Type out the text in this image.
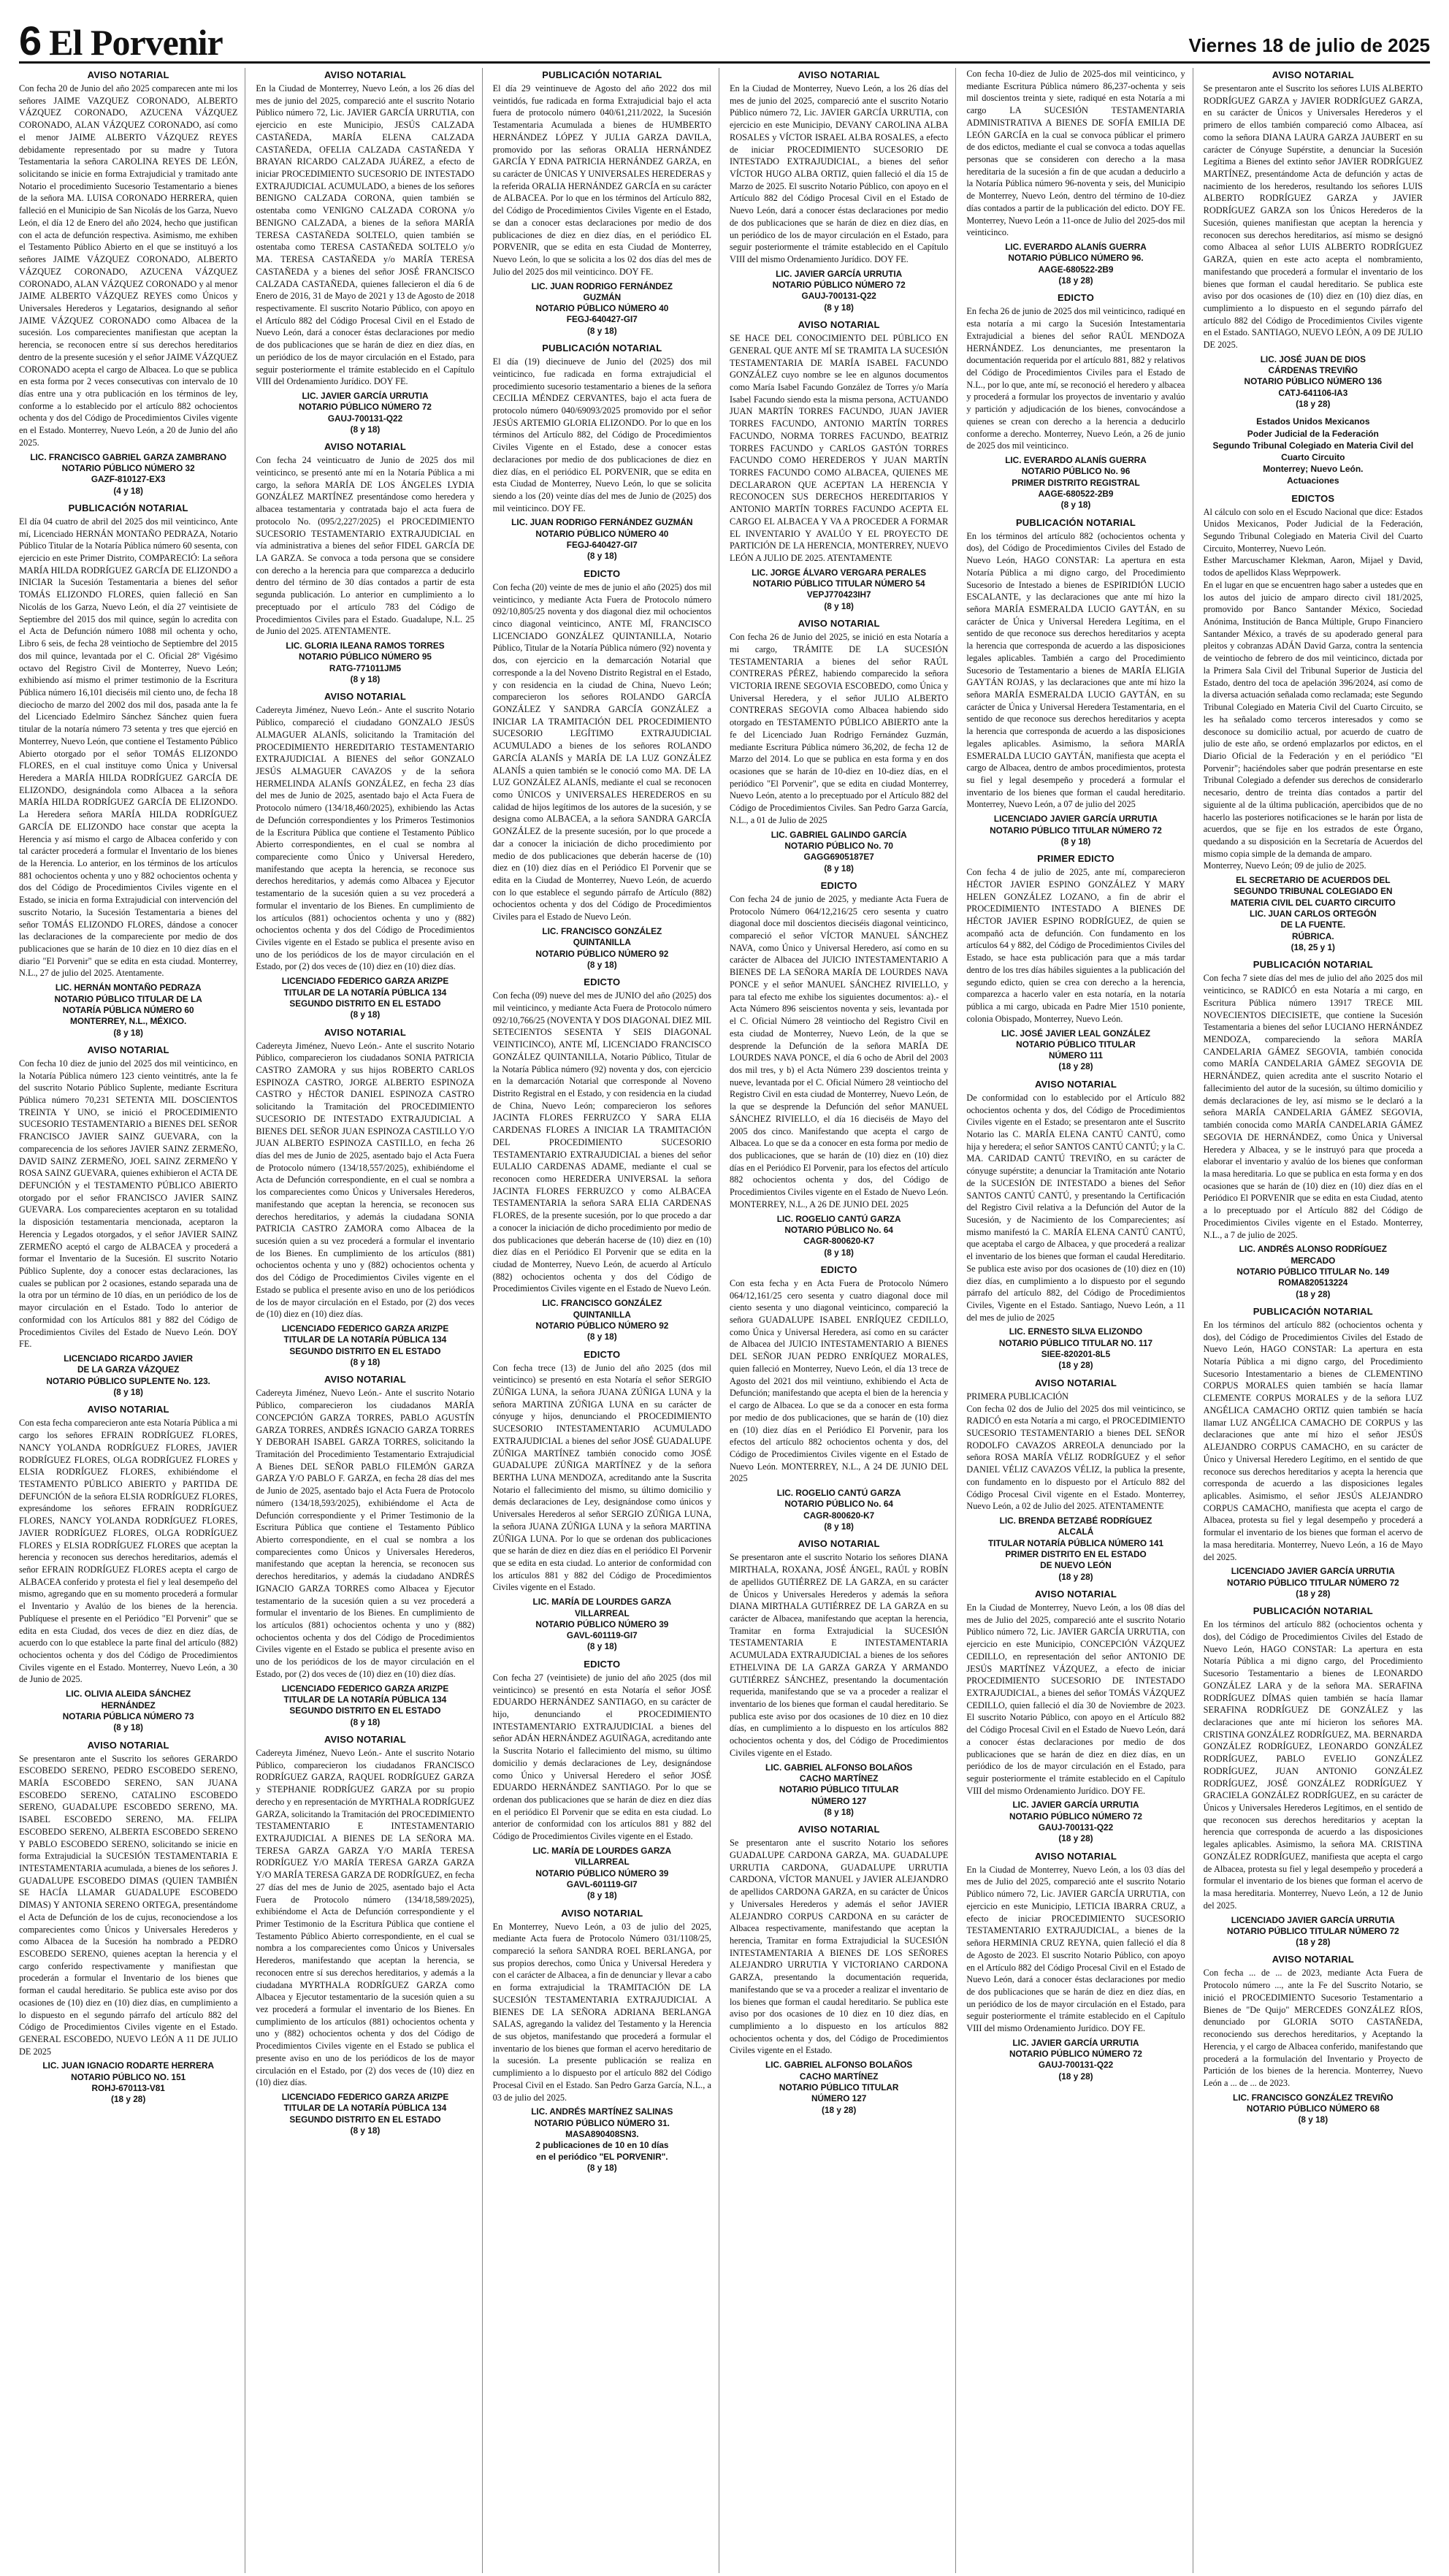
6 El Porvenir	Viernes 18 de julio de 2025
AVISO NOTARIAL

Con fecha 20 de Junio del año 2025 comparecen ante mi los señores JAIME VAZQUEZ CORONADO, ALBERTO VÁZQUEZ CORONADO, AZUCENA VÁZQUEZ CORONADO, ALAN VÁZQUEZ CORONADO, así como el menor JAIME ALBERTO VÁZQUEZ REYES debidamente representado por su madre y Tutora Testamentaria la señora CAROLINA REYES DE LEÓN, solicitando se inicie en forma Extrajudicial y tramitado ante Notario el procedimiento Sucesorio Testamentario a bienes de la señora MA. LUISA CORONADO HERRERA, quien falleció en el Municipio de San Nicolás de los Garza, Nuevo León, el día 12 de Enero del año 2024, hecho que justifican con el acta de defunción respectiva. Asimismo, me exhiben el Testamento Público Abierto en el que se instituyó a los señores JAIME VÁZQUEZ CORONADO, ALBERTO VÁZQUEZ CORONADO, AZUCENA VÁZQUEZ CORONADO, ALAN VÁZQUEZ CORONADO y al menor JAIME ALBERTO VÁZQUEZ REYES como Únicos y Universales Herederos y Legatarios, designando al señor JAIME VÁZQUEZ CORONADO como Albacea de la sucesión. Los comparecientes manifiestan que aceptan la herencia, se reconocen entre sí sus derechos hereditarios dentro de la presente sucesión y el señor JAIME VÁZQUEZ CORONADO acepta el cargo de Albacea. Lo que se publica en esta forma por 2 veces consecutivas con intervalo de 10 días entre una y otra publicación en los términos de ley, conforme a lo establecido por el artículo 882 ochocientos ochenta y dos del Código de Procedimientos Civiles vigente en el Estado. Monterrey, Nuevo León, a 20 de Junio del año 2025.

LIC. FRANCISCO GABRIEL GARZA ZAMBRANO
NOTARIO PÚBLICO NÚMERO 32
GAZF-810127-EX3
(4 y 18)
PUBLICACIÓN NOTARIAL

El día 04 cuatro de abril del 2025 dos mil veinticinco, Ante mí, Licenciado HERNÁN MONTAÑO PEDRAZA, Notario Público Titular de la Notaría Pública número 60 sesenta, con ejercicio en este Primer Distrito, COMPARECIÓ: La señora MARÍA HILDA RODRÍGUEZ GARCÍA DE ELIZONDO a INICIAR la Sucesión Testamentaria a bienes del señor TOMÁS ELIZONDO FLORES, quien falleció en San Nicolás de los Garza, Nuevo León, el día 27 veintisiete de Septiembre del 2015 dos mil quince, según lo acredita con el Acta de Defunción número 1088 mil ochenta y ocho, Libro 6 seis, de fecha 28 veintiocho de Septiembre del 2015 dos mil quince, levantada por el C. Oficial 28º Vigésimo octavo del Registro Civil de Monterrey, Nuevo León; exhibiendo así mismo el primer testimonio de la Escritura Pública número 16,101 dieciséis mil ciento uno, de fecha 18 dieciocho de marzo del 2002 dos mil dos, pasada ante la fe del Licenciado Edelmiro Sánchez Sánchez quien fuera titular de la notaría número 73 setenta y tres que ejerció en Monterrey, Nuevo León, que contiene el Testamento Público Abierto otorgado por el señor TOMÁS ELIZONDO FLORES, en el cual instituye como Única y Universal Heredera a MARÍA HILDA RODRÍGUEZ GARCÍA DE ELIZONDO, designándola como Albacea a la señora MARÍA HILDA RODRÍGUEZ GARCÍA DE ELIZONDO. La Heredera señora MARÍA HILDA RODRÍGUEZ GARCÍA DE ELIZONDO hace constar que acepta la Herencia y así mismo el cargo de Albacea conferido y con tal carácter procederá a formular el Inventario de los bienes de la Herencia. Lo anterior, en los términos de los artículos 881 ochocientos ochenta y uno y 882 ochocientos ochenta y dos del Código de Procedimientos Civiles vigente en el Estado, se inicia en forma Extrajudicial con intervención del suscrito Notario, la Sucesión Testamentaria a bienes del señor TOMÁS ELIZONDO FLORES, dándose a conocer las declaraciones de la compareciente por medio de dos publicaciones que se harán de 10 diez en 10 diez días en el diario "El Porvenir" que se edita en esta ciudad. Monterrey, N.L., 27 de julio del 2025. Atentamente.

LIC. HERNÁN MONTAÑO PEDRAZA
NOTARIO PÚBLICO TITULAR DE LA
NOTARÍA PÚBLICA NÚMERO 60
MONTERREY, N.L., MÉXICO.
(8 y 18)
AVISO NOTARIAL

Con fecha 10 diez de junio del 2025 dos mil veinticinco, en la Notaría Pública número 123 ciento veintitrés, ante la fe del suscrito Notario Público Suplente, mediante Escritura Pública número 70,231 SETENTA MIL DOSCIENTOS TREINTA Y UNO, se inició el PROCEDIMIENTO SUCESORIO TESTAMENTARIO a BIENES DEL SEÑOR FRANCISCO JAVIER SAINZ GUEVARA, con la comparecencia de los señores JAVIER SAINZ ZERMEÑO, DAVID SAINZ ZERMEÑO, JOEL SAINZ ZERMEÑO Y ROSA SAINZ GUEVARA, quienes exhibieron el ACTA DE DEFUNCIÓN y el TESTAMENTO PÚBLICO ABIERTO otorgado por el señor FRANCISCO JAVIER SAINZ GUEVARA. Los comparecientes aceptaron en su totalidad la disposición testamentaria mencionada, aceptaron la Herencia y Legados otorgados, y el señor JAVIER SAINZ ZERMEÑO aceptó el cargo de ALBACEA y procederá a formar el Inventario de la Sucesión. El suscrito Notario Público Suplente, doy a conocer estas declaraciones, las cuales se publican por 2 ocasiones, estando separada una de la otra por un término de 10 días, en un periódico de los de mayor circulación en el Estado. Todo lo anterior de conformidad con los Artículos 881 y 882 del Código de Procedimientos Civiles del Estado de Nuevo León. DOY FE.

LICENCIADO RICARDO JAVIER
DE LA GARZA VÁZQUEZ
NOTARIO PÚBLICO SUPLENTE No. 123.
(8 y 18)
AVISO NOTARIAL

Con esta fecha comparecieron ante esta Notaría Pública a mi cargo los señores EFRAIN RODRÍGUEZ FLORES, NANCY YOLANDA RODRÍGUEZ FLORES, JAVIER RODRÍGUEZ FLORES, OLGA RODRÍGUEZ FLORES y ELSIA RODRÍGUEZ FLORES, exhibiéndome el TESTAMENTO PÚBLICO ABIERTO y PARTIDA DE DEFUNCIÓN de la señora ELSIA RODRÍGUEZ FLORES, expresándome los señores EFRAIN RODRÍGUEZ FLORES, NANCY YOLANDA RODRÍGUEZ FLORES, JAVIER RODRÍGUEZ FLORES, OLGA RODRÍGUEZ FLORES y ELSIA RODRÍGUEZ FLORES que aceptan la herencia y reconocen sus derechos hereditarios, además el señor EFRAIN RODRÍGUEZ FLORES acepta el cargo de ALBACEA conferido y protesta el fiel y leal desempeño del mismo, agregando que en su momento procederá a formular el Inventario y Avalúo de los bienes de la herencia. Publíquese el presente en el Periódico "El Porvenir" que se edita en esta Ciudad, dos veces de diez en diez días, de acuerdo con lo que establece la parte final del artículo (882) ochocientos ochenta y dos del Código de Procedimientos Civiles vigente en el Estado. Monterrey, Nuevo León, a 30 de Junio de 2025.

LIC. OLIVIA ALEIDA SÁNCHEZ
HERNÁNDEZ
NOTARIA PÚBLICA NÚMERO 73
(8 y 18)
AVISO NOTARIAL

Se presentaron ante el Suscrito los señores GERARDO ESCOBEDO SERENO, PEDRO ESCOBEDO SERENO, MARÍA ESCOBEDO SERENO, SAN JUANA ESCOBEDO SERENO, CATALINO ESCOBEDO SERENO, GUADALUPE ESCOBEDO SERENO, MA. ISABEL ESCOBEDO SERENO, MA. FELIPA ESCOBEDO SERENO, ALBERTA ESCOBEDO SERENO Y PABLO ESCOBEDO SERENO, solicitando se inicie en forma Extrajudicial la SUCESIÓN TESTAMENTARIA E INTESTAMENTARIA acumulada, a bienes de los señores J. GUADALUPE ESCOBEDO DIMAS (QUIEN TAMBIÉN SE HACÍA LLAMAR GUADALUPE ESCOBEDO DIMAS) Y ANTONIA SERENO ORTEGA, presentándome el Acta de Defunción de los de cujus, reconociendose a los comparecientes como Únicos y Universales Herederos y como Albacea de la Sucesión ha nombrado a PEDRO ESCOBEDO SERENO, quienes aceptan la herencia y el cargo conferido respectivamente y manifiestan que procederán a formular el Inventario de los bienes que forman el caudal hereditario. Se publica este aviso por dos ocasiones de (10) diez en (10) diez días, en cumplimiento a lo dispuesto en el segundo párrafo del artículo 882 del Código de Procedimientos Civiles vigente en el Estado. GENERAL ESCOBEDO, NUEVO LEÓN A 11 DE JULIO DE 2025

LIC. JUAN IGNACIO RODARTE HERRERA
NOTARIO PÚBLICO NO. 151
ROHJ-670113-V81
(18 y 28)
AVISO NOTARIAL

En la Ciudad de Monterrey, Nuevo León, a los 26 días del mes de junio del 2025, compareció ante el suscrito Notario Público número 72, Lic. JAVIER GARCÍA URRUTIA, con ejercicio en este Municipio, JESÚS CALZADA CASTAÑEDA, MARÍA ELENA CALZADA CASTAÑEDA, OFELIA CALZADA CASTAÑEDA Y BRAYAN RICARDO CALZADA JUÁREZ, a efecto de iniciar PROCEDIMIENTO SUCESORIO DE INTESTADO EXTRAJUDICIAL ACUMULADO, a bienes de los señores BENIGNO CALZADA CORONA, quien también se ostentaba como VENIGNO CALZADA CORONA y/o BENIGNO CALZADA, a bienes de la señora MARÍA TERESA CASTAÑEDA SOLTELO, quien también se ostentaba como TERESA CASTAÑEDA SOLTELO y/o MA. TERESA CASTAÑEDA y/o MARÍA TERESA CASTAÑEDA y a bienes del señor JOSÉ FRANCISCO CALZADA CASTAÑEDA, quienes fallecieron el día 6 de Enero de 2016, 31 de Mayo de 2021 y 13 de Agosto de 2018 respectivamente. El suscrito Notario Público, con apoyo en el Artículo 882 del Código Procesal Civil en el Estado de Nuevo León, dará a conocer éstas declaraciones por medio de dos publicaciones que se harán de diez en diez días, en un periódico de los de mayor circulación en el Estado, para seguir posteriormente el trámite establecido en el Capítulo VIII del Ordenamiento Jurídico. DOY FE.

LIC. JAVIER GARCÍA URRUTIA
NOTARIO PÚBLICO NÚMERO 72
GAUJ-700131-Q22
(8 y 18)
AVISO NOTARIAL

Con fecha 24 veinticuatro de Junio de 2025 dos mil veinticinco, se presentó ante mí en la Notaría Pública a mi cargo, la señora MARÍA DE LOS ÁNGELES LYDIA GONZÁLEZ MARTÍNEZ presentándose como heredera y albacea testamentaria y contratada bajo el acta fuera de protocolo No. (095/2,227/2025) el PROCEDIMIENTO SUCESORIO TESTAMENTARIO EXTRAJUDICIAL en vía administrativa a bienes del señor FIDEL GARCÍA DE LA GARZA. Se convoca a toda persona que se considere con derecho a la herencia para que comparezca a deducirlo dentro del término de 30 días contados a partir de esta segunda publicación. Lo anterior en cumplimiento a lo preceptuado por el artículo 783 del Código de Procedimientos Civiles para el Estado. Guadalupe, N.L. 25 de Junio del 2025. ATENTAMENTE.

LIC. GLORIA ILEANA RAMOS TORRES
NOTARIO PÚBLICO NÚMERO 95
RATG-771011JM5
(8 y 18)
AVISO NOTARIAL

Cadereyta Jiménez, Nuevo León.- Ante el suscrito Notario Público, compareció el ciudadano GONZALO JESÚS ALMAGUER ALANÍS, solicitando la Tramitación del PROCEDIMIENTO HEREDITARIO TESTAMENTARIO EXTRAJUDICIAL A BIENES del señor GONZALO JESÚS ALMAGUER CAVAZOS y de la señora HERMELINDA ALANÍS GONZÁLEZ, en fecha 23 días del mes de Junio de 2025, asentado bajo el Acta Fuera de Protocolo número (134/18,460/2025), exhibiendo las Actas de Defunción correspondientes y los Primeros Testimonios de la Escritura Pública que contiene el Testamento Público Abierto correspondientes, en el cual se nombra al compareciente como Único y Universal Heredero, manifestando que acepta la herencia, se reconoce sus derechos hereditarios, y además como Albacea y Ejecutor testamentario de la sucesión quien a su vez procederá a formular el inventario de los Bienes. En cumplimiento de los artículos (881) ochocientos ochenta y uno y (882) ochocientos ochenta y dos del Código de Procedimientos Civiles vigente en el Estado se publica el presente aviso en uno de los periódicos de los de mayor circulación en el Estado, por (2) dos veces de (10) diez en (10) diez días.

LICENCIADO FEDERICO GARZA ARIZPE
TITULAR DE LA NOTARÍA PÚBLICA 134
SEGUNDO DISTRITO EN EL ESTADO
(8 y 18)
AVISO NOTARIAL

Cadereyta Jiménez, Nuevo León.- Ante el suscrito Notario Público, comparecieron los ciudadanos SONIA PATRICIA CASTRO ZAMORA y sus hijos ROBERTO CARLOS ESPINOZA CASTRO, JORGE ALBERTO ESPINOZA CASTRO y HÉCTOR DANIEL ESPINOZA CASTRO solicitando la Tramitación del PROCEDIMIENTO SUCESORIO DE INTESTADO EXTRAJUDICIAL A BIENES DEL SEÑOR JUAN ESPINOZA CASTILLO Y/O JUAN ALBERTO ESPINOZA CASTILLO, en fecha 26 días del mes de Junio de 2025, asentado bajo el Acta Fuera de Protocolo número (134/18,557/2025), exhibiéndome el Acta de Defunción correspondiente, en el cual se nombra a los comparecientes como Únicos y Universales Herederos, manifestando que aceptan la herencia, se reconocen sus derechos hereditarios, y además la ciudadana SONIA PATRICIA CASTRO ZAMORA como Albacea de la sucesión quien a su vez procederá a formular el inventario de los Bienes. En cumplimiento de los artículos (881) ochocientos ochenta y uno y (882) ochocientos ochenta y dos del Código de Procedimientos Civiles vigente en el Estado se publica el presente aviso en uno de los periódicos de los de mayor circulación en el Estado, por (2) dos veces de (10) diez en (10) diez días.

LICENCIADO FEDERICO GARZA ARIZPE
TITULAR DE LA NOTARÍA PÚBLICA 134
SEGUNDO DISTRITO EN EL ESTADO
(8 y 18)
AVISO NOTARIAL

Cadereyta Jiménez, Nuevo León.- Ante el suscrito Notario Público, comparecieron los ciudadanos MARÍA CONCEPCIÓN GARZA TORRES, PABLO AGUSTÍN GARZA TORRES, ANDRÉS IGNACIO GARZA TORRES Y DEBORAH ISABEL GARZA TORRES, solicitando la Tramitación del Procedimiento Testamentario Extrajudicial A Bienes DEL SEÑOR PABLO FILEMÓN GARZA GARZA Y/O PABLO F. GARZA, en fecha 28 días del mes de Junio de 2025, asentado bajo el Acta Fuera de Protocolo número (134/18,593/2025), exhibiéndome el Acta de Defunción correspondiente y el Primer Testimonio de la Escritura Pública que contiene el Testamento Público Abierto correspondiente, en el cual se nombra a los comparecientes como Únicos y Universales Herederos, manifestando que aceptan la herencia, se reconocen sus derechos hereditarios, y además la ciudadano ANDRÉS IGNACIO GARZA TORRES como Albacea y Ejecutor testamentario de la sucesión quien a su vez procederá a formular el inventario de los Bienes. En cumplimiento de los artículos (881) ochocientos ochenta y uno y (882) ochocientos ochenta y dos del Código de Procedimientos Civiles vigente en el Estado se publica el presente aviso en uno de los periódicos de los de mayor circulación en el Estado, por (2) dos veces de (10) diez en (10) diez días.

LICENCIADO FEDERICO GARZA ARIZPE
TITULAR DE LA NOTARÍA PÚBLICA 134
SEGUNDO DISTRITO EN EL ESTADO
(8 y 18)
AVISO NOTARIAL

Cadereyta Jiménez, Nuevo León.- Ante el suscrito Notario Público, comparecieron los ciudadanos FRANCISCO RODRÍGUEZ GARZA, RAQUEL RODRÍGUEZ GARZA y STEPHANIE RODRÍGUEZ GARZA por su propio derecho y en representación de MYRTHALA RODRÍGUEZ GARZA, solicitando la Tramitación del PROCEDIMIENTO TESTAMENTARIO E INTESTAMENTARIO EXTRAJUDICIAL A BIENES DE LA SEÑORA MA. TERESA GARZA GARZA Y/O MARÍA TERESA RODRÍGUEZ Y/O MARÍA TERESA GARZA GARZA Y/O MARÍA TERESA GARZA DE RODRÍGUEZ, en fecha 27 días del mes de Junio de 2025, asentado bajo el Acta Fuera de Protocolo número (134/18,589/2025), exhibiéndome el Acta de Defunción correspondiente y el Primer Testimonio de la Escritura Pública que contiene el Testamento Público Abierto correspondiente, en el cual se nombra a los comparecientes como Únicos y Universales Herederos, manifestando que aceptan la herencia, se reconocen entre sí sus derechos hereditarios, y además a la ciudadana MYRTHALA RODRÍGUEZ GARZA como Albacea y Ejecutor testamentario de la sucesión quien a su vez procederá a formular el inventario de los Bienes. En cumplimiento de los artículos (881) ochocientos ochenta y uno y (882) ochocientos ochenta y dos del Código de Procedimientos Civiles vigente en el Estado se publica el presente aviso en uno de los periódicos de los de mayor circulación en el Estado, por (2) dos veces de (10) diez en (10) diez días.

LICENCIADO FEDERICO GARZA ARIZPE
TITULAR DE LA NOTARÍA PÚBLICA 134
SEGUNDO DISTRITO EN EL ESTADO
(8 y 18)
PUBLICACIÓN NOTARIAL

El día 29 veintinueve de Agosto del año 2022 dos mil veintidós, fue radicada en forma Extrajudicial bajo el acta fuera de protocolo número 040/61,211/2022, la Sucesión Testamentaria Acumulada a bienes de HUMBERTO HERNÁNDEZ LÓPEZ Y JULIA GARZA DAVILA, promovido por las señoras ORALIA HERNÁNDEZ GARCÍA Y EDNA PATRICIA HERNÁNDEZ GARZA, en su carácter de ÚNICAS Y UNIVERSALES HEREDERAS y la referida ORALIA HERNÁNDEZ GARCÍA en su carácter de ALBACEA. Por lo que en los términos del Artículo 882, del Código de Procedimientos Civiles Vigente en el Estado, se dan a conocer estas declaraciones por medio de dos publicaciones de diez en diez días, en el periódico EL PORVENIR, que se edita en esta Ciudad de Monterrey, Nuevo León, lo que se solicita a los 02 dos días del mes de Julio del 2025 dos mil veinticinco. DOY FE.

LIC. JUAN RODRIGO FERNÁNDEZ
GUZMÁN
NOTARIO PÚBLICO NÚMERO 40
FEGJ-640427-GI7
(8 y 18)
PUBLICACIÓN NOTARIAL

El día (19) diecinueve de Junio del (2025) dos mil veinticinco, fue radicada en forma extrajudicial el procedimiento sucesorio testamentario a bienes de la señora CECILIA MÉNDEZ CERVANTES, bajo el acta fuera de protocolo número 040/69093/2025 promovido por el señor JESÚS ARTEMIO GLORIA ELIZONDO. Por lo que en los términos del Artículo 882, del Código de Procedimientos Civiles Vigente en el Estado, dese a conocer estas declaraciones por medio de dos publicaciones de diez en diez días, en el periódico EL PORVENIR, que se edita en esta Ciudad de Monterrey, Nuevo León, lo que se solicita siendo a los (20) veinte días del mes de Junio de (2025) dos mil veinticinco. DOY FE.

LIC. JUAN RODRIGO FERNÁNDEZ GUZMÁN
NOTARIO PÚBLICO NÚMERO 40
FEGJ-640427-GI7
(8 y 18)
EDICTO

Con fecha (20) veinte de mes de junio el año (2025) dos mil veinticinco, y mediante Acta Fuera de Protocolo número 092/10,805/25 noventa y dos diagonal diez mil ochocientos cinco diagonal veinticinco, ANTE MÍ, FRANCISCO LICENCIADO GONZÁLEZ QUINTANILLA, Notario Público, Titular de la Notaría Pública número (92) noventa y dos, con ejercicio en la demarcación Notarial que corresponde a la del Noveno Distrito Registral en el Estado, y con residencia en la ciudad de China, Nuevo León; comparecieron los señores ROLANDO GARCÍA GONZÁLEZ Y SANDRA GARCÍA GONZÁLEZ a INICIAR LA TRAMITACIÓN DEL PROCEDIMIENTO SUCESORIO LEGÍTIMO EXTRAJUDICIAL ACUMULADO a bienes de los señores ROLANDO GARCÍA ALANÍS y MARÍA DE LA LUZ GONZÁLEZ ALANÍS a quien también se le conoció como MA. DE LA LUZ GONZÁLEZ ALANÍS, mediante el cual se reconocen como ÚNICOS y UNIVERSALES HEREDEROS en su calidad de hijos legítimos de los autores de la sucesión, y se designa como ALBACEA, a la señora SANDRA GARCÍA GONZÁLEZ de la presente sucesión, por lo que procede a dar a conocer la iniciación de dicho procedimiento por medio de dos publicaciones que deberán hacerse de (10) diez en (10) diez días en el Periódico El Porvenir que se edita en la Ciudad de Monterrey, Nuevo León, de acuerdo con lo que establece el segundo párrafo de Artículo (882) ochocientos ochenta y dos del Código de Procedimientos Civiles para el Estado de Nuevo León.

LIC. FRANCISCO GONZÁLEZ
QUINTANILLA
NOTARIO PÚBLICO NÚMERO 92
(8 y 18)
EDICTO

Con fecha (09) nueve del mes de JUNIO del año (2025) dos mil veinticinco, y mediante Acta Fuera de Protocolo número 092/10,766/25 (NOVENTA Y DOS DIAGONAL DIEZ MIL SETECIENTOS SESENTA Y SEIS DIAGONAL VEINTICINCO), ANTE MÍ, LICENCIADO FRANCISCO GONZÁLEZ QUINTANILLA, Notario Público, Titular de la Notaría Pública número (92) noventa y dos, con ejercicio en la demarcación Notarial que corresponde al Noveno Distrito Registral en el Estado, y con residencia en la ciudad de China, Nuevo León; comparecieron los señores JACINTA FLORES FERRUZCO Y SARA ELIA CARDENAS FLORES A INICIAR LA TRAMITACIÓN DEL PROCEDIMIENTO SUCESORIO TESTAMENTARIO EXTRAJUDICIAL a bienes del señor EULALIO CARDENAS ADAME, mediante el cual se reconocen como HEREDERA UNIVERSAL la señora JACINTA FLORES FERRUZCO y como ALBACEA TESTAMENTARIA la señora SARA ELIA CARDENAS FLORES, de la presente sucesión, por lo que procedo a dar a conocer la iniciación de dicho procedimiento por medio de dos publicaciones que deberán hacerse de (10) diez en (10) diez días en el Periódico El Porvenir que se edita en la ciudad de Monterrey, Nuevo León, de acuerdo al Artículo (882) ochocientos ochenta y dos del Código de Procedimientos Civiles vigente en el Estado de Nuevo León.

LIC. FRANCISCO GONZÁLEZ
QUINTANILLA
NOTARIO PÚBLICO NÚMERO 92
(8 y 18)
EDICTO

Con fecha trece (13) de Junio del año 2025 (dos mil veinticinco) se presentó en esta Notaría el señor SERGIO ZÚÑIGA LUNA, la señora JUANA ZÚÑIGA LUNA y la señora MARTINA ZÚÑIGA LUNA en su carácter de cónyuge y hijos, denunciando el PROCEDIMIENTO SUCESORIO INTESTAMENTARIO ACUMULADO EXTRAJUDICIAL a bienes del señor JOSÉ GUADALUPE ZÚÑIGA MARTÍNEZ también conocido como JOSÉ GUADALUPE ZÚÑIGA MARTÍNEZ y de la señora BERTHA LUNA MENDOZA, acreditando ante la Suscrita Notario el fallecimiento del mismo, su último domicilio y demás declaraciones de Ley, designándose como únicos y Universales Herederos al señor SERGIO ZÚÑIGA LUNA, la señora JUANA ZÚÑIGA LUNA y la señora MARTINA ZÚÑIGA LUNA. Por lo que se ordenan dos publicaciones que se harán de diez en diez días en el periódico El Porvenir que se edita en esta ciudad. Lo anterior de conformidad con los artículos 881 y 882 del Código de Procedimientos Civiles vigente en el Estado.

LIC. MARÍA DE LOURDES GARZA
VILLARREAL
NOTARIO PÚBLICO NÚMERO 39
GAVL-601119-GI7
(8 y 18)
EDICTO

Con fecha 27 (veintisiete) de junio del año 2025 (dos mil veinticinco) se presentó en esta Notaría el señor JOSÉ EDUARDO HERNÁNDEZ SANTIAGO, en su carácter de hijo, denunciando el PROCEDIMIENTO INTESTAMENTARIO EXTRAJUDICIAL a bienes del señor ADÁN HERNÁNDEZ AGUIÑAGA, acreditando ante la Suscrita Notario el fallecimiento del mismo, su último domicilio y demás declaraciones de Ley, designándose como Único y Universal Heredero el señor JOSÉ EDUARDO HERNÁNDEZ SANTIAGO. Por lo que se ordenan dos publicaciones que se harán de diez en diez días en el periódico El Porvenir que se edita en esta ciudad. Lo anterior de conformidad con los artículos 881 y 882 del Código de Procedimientos Civiles vigente en el Estado.

LIC. MARÍA DE LOURDES GARZA
VILLARREAL
NOTARIO PÚBLICO NÚMERO 39
GAVL-601119-GI7
(8 y 18)
AVISO NOTARIAL

En Monterrey, Nuevo León, a 03 de julio del 2025, mediante Acta fuera de Protocolo Número 031/1108/25, compareció la señora SANDRA ROEL BERLANGA, por sus propios derechos, como Única y Universal Heredera y con el carácter de Albacea, a fin de denunciar y llevar a cabo en forma extrajudicial la TRAMITACIÓN DE LA SUCESIÓN TESTAMENTARIA EXTRAJUDICIAL A BIENES DE LA SEÑORA ADRIANA BERLANGA SALAS, agregando la validez del Testamento y la Herencia de sus objetos, manifestando que procederá a formular el inventario de los bienes que forman el acervo hereditario de la sucesión. La presente publicación se realiza en cumplimiento a lo dispuesto por el artículo 882 del Código Procesal Civil en el Estado. San Pedro Garza García, N.L., a 03 de julio del 2025.

LIC. ANDRÉS MARTÍNEZ SALINAS
NOTARIO PÚBLICO NÚMERO 31.
MASA890408SN3.
2 publicaciones de 10 en 10 días
en el periódico "EL PORVENIR".
(8 y 18)
AVISO NOTARIAL

En la Ciudad de Monterrey, Nuevo León, a los 26 días del mes de junio del 2025, compareció ante el suscrito Notario Público número 72, Lic. JAVIER GARCÍA URRUTIA, con ejercicio en este Municipio, DEVANY CAROLINA ALBA ROSALES y VÍCTOR ISRAEL ALBA ROSALES, a efecto de iniciar PROCEDIMIENTO SUCESORIO DE INTESTADO EXTRAJUDICIAL, a bienes del señor VÍCTOR HUGO ALBA ORTIZ, quien falleció el día 15 de Marzo de 2025. El suscrito Notario Público, con apoyo en el Artículo 882 del Código Procesal Civil en el Estado de Nuevo León, dará a conocer éstas declaraciones por medio de dos publicaciones que se harán de diez en diez días, en un periódico de los de mayor circulación en el Estado, para seguir posteriormente el trámite establecido en el Capítulo VIII del mismo Ordenamiento Jurídico. DOY FE.

LIC. JAVIER GARCÍA URRUTIA
NOTARIO PÚBLICO NÚMERO 72
GAUJ-700131-Q22
(8 y 18)
AVISO NOTARIAL

SE HACE DEL CONOCIMIENTO DEL PÚBLICO EN GENERAL QUE ANTE MÍ SE TRAMITA LA SUCESIÓN TESTAMENTARIA DE MARÍA ISABEL FACUNDO GONZÁLEZ cuyo nombre se lee en algunos documentos como María Isabel Facundo González de Torres y/o María Isabel Facundo siendo esta la misma persona, ACTUANDO JUAN MARTÍN TORRES FACUNDO, JUAN JAVIER TORRES FACUNDO, ANTONIO MARTÍN TORRES FACUNDO, NORMA TORRES FACUNDO, BEATRIZ TORRES FACUNDO y CARLOS GASTÓN TORRES FACUNDO COMO HEREDEROS Y JUAN MARTÍN TORRES FACUNDO COMO ALBACEA, QUIENES ME DECLARARON QUE ACEPTAN LA HERENCIA Y RECONOCEN SUS DERECHOS HEREDITARIOS Y ANTONIO MARTÍN TORRES FACUNDO ACEPTA EL CARGO EL ALBACEA Y VA A PROCEDER A FORMAR EL INVENTARIO Y AVALÚO Y EL PROYECTO DE PARTICIÓN DE LA HERENCIA, MONTERREY, NUEVO LEÓN A JULIO DE 2025. ATENTAMENTE

LIC. JORGE ÁLVARO VERGARA PERALES
NOTARIO PÚBLICO TITULAR NÚMERO 54
VEPJ770423IH7
(8 y 18)
AVISO NOTARIAL

Con fecha 26 de Junio del 2025, se inició en esta Notaría a mi cargo, TRÁMITE DE LA SUCESIÓN TESTAMENTARIA a bienes del señor RAÚL CONTRERAS PÉREZ, habiendo comparecido la señora VICTORIA IRENE SEGOVIA ESCOBEDO, como Única y Universal Heredera, y el señor JULIO ALBERTO CONTRERAS SEGOVIA como Albacea habiendo sido otorgado en TESTAMENTO PÚBLICO ABIERTO ante la fe del Licenciado Juan Rodrigo Fernández Guzmán, mediante Escritura Pública número 36,202, de fecha 12 de Marzo del 2014. Lo que se publica en esta forma y en dos ocasiones que se harán de 10-diez en 10-diez días, en el periódico "El Porvenir", que se edita en ciudad Monterrey, Nuevo León, atento a lo preceptuado por el Artículo 882 del Código de Procedimientos Civiles. San Pedro Garza García, N.L., a 01 de Julio de 2025

LIC. GABRIEL GALINDO GARCÍA
NOTARIO PÚBLICO No. 70
GAGG6905187E7
(8 y 18)
EDICTO

Con fecha 24 de junio de 2025, y mediante Acta Fuera de Protocolo Número 064/12,216/25 cero sesenta y cuatro diagonal doce mil doscientos dieciséis diagonal veinticinco, compareció el señor VÍCTOR MANUEL SÁNCHEZ NAVA, como Único y Universal Heredero, así como en su carácter de Albacea del JUICIO INTESTAMENTARIO A BIENES DE LA SEÑORA MARÍA DE LOURDES NAVA PONCE y el señor MANUEL SÁNCHEZ RIVIELLO, y para tal efecto me exhibe los siguientes documentos: a).- el Acta Número 896 seiscientos noventa y seis, levantada por el C. Oficial Número 28 veintiocho del Registro Civil en esta ciudad de Monterrey, Nuevo León, de la que se desprende la Defunción de la señora MARÍA DE LOURDES NAVA PONCE, el día 6 ocho de Abril del 2003 dos mil tres, y b) el Acta Número 239 doscientos treinta y nueve, levantada por el C. Oficial Número 28 veintiocho del Registro Civil en esta ciudad de Monterrey, Nuevo León, de la que se desprende la Defunción del señor MANUEL SÁNCHEZ RIVIELLO, el día 16 dieciséis de Mayo del 2005 dos cinco. Manifestando que acepta el cargo de Albacea. Lo que se da a conocer en esta forma por medio de dos publicaciones, que se harán de (10) diez en (10) diez días en el Periódico El Porvenir, para los efectos del artículo 882 ochocientos ochenta y dos, del Código de Procedimientos Civiles vigente en el Estado de Nuevo León. MONTERREY, N.L., A 26 DE JUNIO DEL 2025

LIC. ROGELIO CANTÚ GARZA
NOTARIO PÚBLICO No. 64
CAGR-800620-K7
(8 y 18)
EDICTO

Con esta fecha y en Acta Fuera de Protocolo Número 064/12,161/25 cero sesenta y cuatro diagonal doce mil ciento sesenta y uno diagonal veinticinco, compareció la señora GUADALUPE ISABEL ENRÍQUEZ CEDILLO, como Única y Universal Heredera, así como en su carácter de Albacea del JUICIO INTESTAMENTARIO A BIENES DEL SEÑOR JUAN PEDRO ENRÍQUEZ MORALES, quien falleció en Monterrey, Nuevo León, el día 13 trece de Agosto del 2021 dos mil veintiuno, exhibiendo el Acta de Defunción; manifestando que acepta el bien de la herencia y el cargo de Albacea. Lo que se da a conocer en esta forma por medio de dos publicaciones, que se harán de (10) diez en (10) diez días en el Periódico El Porvenir, para los efectos del artículo 882 ochocientos ochenta y dos, del Código de Procedimientos Civiles vigente en el Estado de Nuevo León. MONTERREY, N.L., A 24 DE JUNIO DEL 2025

LIC. ROGELIO CANTÚ GARZA
NOTARIO PÚBLICO No. 64
CAGR-800620-K7
(8 y 18)
AVISO NOTARIAL

Se presentaron ante el suscrito Notario los señores DIANA MIRTHALA, ROXANA, JOSÉ ÁNGEL, RAÚL y ROBÍN de apellidos GUTIÉRREZ DE LA GARZA, en su carácter de Únicos y Universales Herederos y además la señora DIANA MIRTHALA GUTIÉRREZ DE LA GARZA en su carácter de Albacea, manifestando que aceptan la herencia, Tramitar en forma Extrajudicial la SUCESIÓN TESTAMENTARIA E INTESTAMENTARIA ACUMULADA EXTRAJUDICIAL a bienes de los señores ETHELVINA DE LA GARZA GARZA Y ARMANDO GUTIÉRREZ SÁNCHEZ, presentando la documentación requerida, manifestando que se va a proceder a realizar el inventario de los bienes que forman el caudal hereditario. Se publica este aviso por dos ocasiones de 10 diez en 10 diez días, en cumplimiento a lo dispuesto en los artículos 882 ochocientos ochenta y dos, del Código de Procedimientos Civiles vigente en el Estado.

LIC. GABRIEL ALFONSO BOLAÑOS
CACHO MARTÍNEZ
NOTARIO PÚBLICO TITULAR
NÚMERO 127
(8 y 18)
AVISO NOTARIAL

Se presentaron ante el suscrito Notario los señores GUADALUPE CARDONA GARZA, MA. GUADALUPE URRUTIA CARDONA, GUADALUPE URRUTIA CARDONA, VÍCTOR MANUEL y JAVIER ALEJANDRO de apellidos CARDONA GARZA, en su carácter de Únicos y Universales Herederos y además el señor JAVIER ALEJANDRO CORPUS CARDONA en su carácter de Albacea respectivamente, manifestando que aceptan la herencia, Tramitar en forma Extrajudicial la SUCESIÓN INTESTAMENTARIA A BIENES DE LOS SEÑORES ALEJANDRO URRUTIA Y VICTORIANO CARDONA GARZA, presentando la documentación requerida, manifestando que se va a proceder a realizar el inventario de los bienes que forman el caudal hereditario. Se publica este aviso por dos ocasiones de 10 diez en 10 diez días, en cumplimiento a lo dispuesto en los artículos 882 ochocientos ochenta y dos, del Código de Procedimientos Civiles vigente en el Estado.

LIC. GABRIEL ALFONSO BOLAÑOS
CACHO MARTÍNEZ
NOTARIO PÚBLICO TITULAR
NÚMERO 127
(18 y 28)

Con fecha 10-diez de Julio de 2025-dos mil veinticinco, y mediante Escritura Pública número 86,237-ochenta y seis mil doscientos treinta y siete, radiqué en esta Notaría a mi cargo LA SUCESIÓN TESTAMENTARIA ADMINISTRATIVA A BIENES DE SOFÍA EMILIA DE LEÓN GARCÍA en la cual se convoca públicar el primero de dos edictos, mediante el cual se convoca a todas aquellas personas que se consideren con derecho a la masa hereditaria de la sucesión a fin de que acudan a deducirlo a la Notaría Pública número 96-noventa y seis, del Municipio de Monterrey, Nuevo León, dentro del término de 10-diez días contados a partir de la publicación del edicto. DOY FE. Monterrey, Nuevo León a 11-once de Julio del 2025-dos mil veinticinco.

LIC. EVERARDO ALANÍS GUERRA
NOTARIO PÚBLICO NÚMERO 96.
AAGE-680522-2B9
(18 y 28)
EDICTO

En fecha 26 de junio de 2025 dos mil veinticinco, radiqué en esta notaría a mi cargo la Sucesión Intestamentaria Extrajudicial a bienes del señor RAÚL MENDOZA HERNÁNDEZ. Los denunciantes, me presentaron la documentación requerida por el artículo 881, 882 y relativos del Código de Procedimientos Civiles para el Estado de N.L., por lo que, ante mí, se reconoció el heredero y albacea y procederá a formular los proyectos de inventario y avalúo y partición y adjudicación de los bienes, convocándose a quienes se crean con derecho a la herencia a deducirlo conforme a derecho. Monterrey, Nuevo León, a 26 de junio de 2025 dos mil veinticinco.

LIC. EVERARDO ALANÍS GUERRA
NOTARIO PÚBLICO No. 96
PRIMER DISTRITO REGISTRAL
AAGE-680522-2B9
(8 y 18)
PUBLICACIÓN NOTARIAL

En los términos del artículo 882 (ochocientos ochenta y dos), del Código de Procedimientos Civiles del Estado de Nuevo León, HAGO CONSTAR: La apertura en esta Notaría Pública a mi digno cargo, del Procedimiento Sucesorio de Intestado a bienes de ESPIRIDIÓN LUCIO ESCALANTE, y las declaraciones que ante mí hizo la señora MARÍA ESMERALDA LUCIO GAYTÁN, en su carácter de Única y Universal Heredera Legítima, en el sentido de que reconoce sus derechos hereditarios y acepta la herencia que corresponda de acuerdo a las disposiciones legales aplicables. También a cargo del Procedimiento Sucesorio de Testamentario a bienes de MARÍA ELIGIA GAYTÁN ROJAS, y las declaraciones que ante mí hizo la señora MARÍA ESMERALDA LUCIO GAYTÁN, en su carácter de Única y Universal Heredera Testamentaria, en el sentido de que reconoce sus derechos hereditarios y acepta la herencia que corresponda de acuerdo a las disposiciones legales aplicables. Asimismo, la señora MARÍA ESMERALDA LUCIO GAYTÁN, manifiesta que acepta el cargo de Albacea, dentro de ambos procedimientos, protesta su fiel y legal desempeño y procederá a formular el inventario de los bienes que forman el caudal hereditario. Monterrey, Nuevo León, a 07 de julio del 2025

LICENCIADO JAVIER GARCÍA URRUTIA
NOTARIO PÚBLICO TITULAR NÚMERO 72
(8 y 18)
PRIMER EDICTO

Con fecha 4 de julio de 2025, ante mí, comparecieron HÉCTOR JAVIER ESPINO GONZÁLEZ Y MARY HELEN GONZÁLEZ LOZANO, a fin de abrir el PROCEDIMIENTO INTESTADO A BIENES DE HÉCTOR JAVIER ESPINO RODRÍGUEZ, de quien se acompañó acta de defunción. Con fundamento en los artículos 64 y 882, del Código de Procedimientos Civiles del Estado, se hace esta publicación para que a más tardar dentro de los tres días hábiles siguientes a la publicación del segundo edicto, quien se crea con derecho a la herencia, comparezca a hacerlo valer en esta notaría, en la notaría pública a mi cargo, ubicada en Padre Mier 1510 poniente, colonia Obispado, Monterrey, Nuevo León.

LIC. JOSÉ JAVIER LEAL GONZÁLEZ
NOTARIO PÚBLICO TITULAR
NÚMERO 111
(18 y 28)
AVISO NOTARIAL

De conformidad con lo establecido por el Artículo 882 ochocientos ochenta y dos, del Código de Procedimientos Civiles vigente en el Estado; se presentaron ante el Suscrito Notario las C. MARÍA ELENA CANTÚ CANTÚ, como hija y heredera; el señor SANTOS CANTÚ CANTÚ; y la C. MA. CARIDAD CANTÚ TREVIÑO, en su carácter de cónyuge supérstite; a denunciar la Tramitación ante Notario de la SUCESIÓN DE INTESTADO a bienes del Señor SANTOS CANTÚ CANTÚ, y presentando la Certificación del Registro Civil relativa a la Defunción del Autor de la Sucesión, y de Nacimiento de los Comparecientes; así mismo manifestó la C. MARÍA ELENA CANTÚ CANTÚ, que aceptaba el cargo de Albacea, y que procederá a realizar el inventario de los bienes que forman el caudal Hereditario. Se publica este aviso por dos ocasiones de (10) diez en (10) diez días, en cumplimiento a lo dispuesto por el segundo párrafo del artículo 882, del Código de Procedimientos Civiles, Vigente en el Estado. Santiago, Nuevo León, a 11 del mes de julio de 2025

LIC. ERNESTO SILVA ELIZONDO
NOTARIO PÚBLICO TITULAR NO. 117
SIEE-820201-8L5
(18 y 28)
AVISO NOTARIAL

PRIMERA PUBLICACIÓN
Con fecha 02 dos de Julio del 2025 dos mil veinticinco, se RADICÓ en esta Notaría a mi cargo, el PROCEDIMIENTO SUCESORIO TESTAMENTARIO a bienes DEL SEÑOR RODOLFO CAVAZOS ARREOLA denunciado por la señora ROSA MARÍA VÉLIZ RODRÍGUEZ y el señor DANIEL VÉLIZ CAVAZOS VÉLIZ, la publica la presente, con fundamento en lo dispuesto por el Artículo 882 del Código Procesal Civil vigente en el Estado. Monterrey, Nuevo León, a 02 de Julio del 2025. ATENTAMENTE

LIC. BRENDA BETZABÉ RODRÍGUEZ
ALCALÁ
TITULAR NOTARÍA PÚBLICA NÚMERO 141
PRIMER DISTRITO EN EL ESTADO
DE NUEVO LEÓN
(18 y 28)
AVISO NOTARIAL

En la Ciudad de Monterrey, Nuevo León, a los 08 días del mes de Julio del 2025, compareció ante el suscrito Notario Público número 72, Lic. JAVIER GARCÍA URRUTIA, con ejercicio en este Municipio, CONCEPCIÓN VÁZQUEZ CEDILLO, en representación del señor ANTONIO DE JESÚS MARTÍNEZ VÁZQUEZ, a efecto de iniciar PROCEDIMIENTO SUCESORIO DE INTESTADO EXTRAJUDICIAL, a bienes del señor TOMÁS VÁZQUEZ CEDILLO, quien falleció el día 30 de Noviembre de 2023. El suscrito Notario Público, con apoyo en el Artículo 882 del Código Procesal Civil en el Estado de Nuevo León, dará a conocer éstas declaraciones por medio de dos publicaciones que se harán de diez en diez días, en un periódico de los de mayor circulación en el Estado, para seguir posteriormente el trámite establecido en el Capítulo VIII del mismo Ordenamiento Jurídico. DOY FE.

LIC. JAVIER GARCÍA URRUTIA
NOTARIO PÚBLICO NÚMERO 72
GAUJ-700131-Q22
(18 y 28)
AVISO NOTARIAL

En la Ciudad de Monterrey, Nuevo León, a los 03 días del mes de Julio del 2025, compareció ante el suscrito Notario Público número 72, Lic. JAVIER GARCÍA URRUTIA, con ejercicio en este Municipio, LETICIA IBARRA CRUZ, a efecto de iniciar PROCEDIMIENTO SUCESORIO TESTAMENTARIO EXTRAJUDICIAL, a bienes de la señora HERMINIA CRUZ REYNA, quien falleció el día 8 de Agosto de 2023. El suscrito Notario Público, con apoyo en el Artículo 882 del Código Procesal Civil en el Estado de Nuevo León, dará a conocer éstas declaraciones por medio de dos publicaciones que se harán de diez en diez días, en un periódico de los de mayor circulación en el Estado, para seguir posteriormente el trámite establecido en el Capítulo VIII del mismo Ordenamiento Jurídico. DOY FE.

LIC. JAVIER GARCÍA URRUTIA
NOTARIO PÚBLICO NÚMERO 72
GAUJ-700131-Q22
(18 y 28)
AVISO NOTARIAL

Se presentaron ante el Suscrito los señores LUIS ALBERTO RODRÍGUEZ GARZA y JAVIER RODRÍGUEZ GARZA, en su carácter de Únicos y Universales Herederos y el primero de ellos también compareció como Albacea, así como la señora DIANA LAURA GARZA JAUBERT en su carácter de Cónyuge Supérstite, a denunciar la Sucesión Legítima a Bienes del extinto señor JAVIER RODRÍGUEZ MARTÍNEZ, presentándome Acta de defunción y actas de nacimiento de los herederos, resultando los señores LUIS ALBERTO RODRÍGUEZ GARZA y JAVIER RODRÍGUEZ GARZA son los Únicos Herederos de la Sucesión, quienes manifiestan que aceptan la herencia y reconocen sus derechos hereditarios, así mismo se designó como Albacea al señor LUIS ALBERTO RODRÍGUEZ GARZA, quien en este acto acepta el nombramiento, manifestando que procederá a formular el inventario de los bienes que forman el caudal hereditario. Se publica este aviso por dos ocasiones de (10) diez en (10) diez días, en cumplimiento a lo dispuesto en el segundo párrafo del artículo 882 del Código de Procedimientos Civiles vigente en el Estado. SANTIAGO, NUEVO LEÓN, A 09 DE JULIO DE 2025.

LIC. JOSÉ JUAN DE DIOS
CÁRDENAS TREVIÑO
NOTARIO PÚBLICO NÚMERO 136
CATJ-641106-IA3
(18 y 28)
Estados Unidos Mexicanos
Poder Judicial de la Federación
Segundo Tribunal Colegiado en Materia Civil del Cuarto Circuito
Monterrey; Nuevo León.
Actuaciones
EDICTOS

Al cálculo con solo en el Escudo Nacional que dice: Estados Unidos Mexicanos, Poder Judicial de la Federación, Segundo Tribunal Colegiado en Materia Civil del Cuarto Circuito, Monterrey, Nuevo León.
Esther Marcuschamer Klekman, Aaron, Mijael y David, todos de apellidos Klass Weprpowerk.
En el lugar en que se encuentren hago saber a ustedes que en los autos del juicio de amparo directo civil 181/2025, promovido por Banco Santander México, Sociedad Anónima, Institución de Banca Múltiple, Grupo Financiero Santander México, a través de su apoderado general para pleitos y cobranzas ADÁN David Garza, contra la sentencia de veintiocho de febrero de dos mil veinticinco, dictada por la Primera Sala Civil del Tribunal Superior de Justicia del Estado, dentro del toca de apelación 396/2024, así como de la diversa actuación señalada como reclamada; este Segundo Tribunal Colegiado en Materia Civil del Cuarto Circuito, se les ha señalado como terceros interesados y como se desconoce su domicilio actual, por acuerdo de cuatro de julio de este año, se ordenó emplazarlos por edictos, en el Diario Oficial de la Federación y en el periódico "El Porvenir"; haciéndoles saber que podrán presentarse en este Tribunal Colegiado a defender sus derechos de considerarlo necesario, dentro de treinta días contados a partir del siguiente al de la última publicación, apercibidos que de no hacerlo las posteriores notificaciones se le harán por lista de acuerdos, que se fije en los estrados de este Órgano, quedando a su disposición en la Secretaría de Acuerdos del mismo copia simple de la demanda de amparo.
Monterrey, Nuevo León; 09 de julio de 2025.

EL SECRETARIO DE ACUERDOS DEL
SEGUNDO TRIBUNAL COLEGIADO EN
MATERIA CIVIL DEL CUARTO CIRCUITO
LIC. JUAN CARLOS ORTEGÓN
DE LA FUENTE.
RÚBRICA.
(18, 25 y 1)
PUBLICACIÓN NOTARIAL

Con fecha 7 siete días del mes de julio del año 2025 dos mil veinticinco, se RADICÓ en esta Notaría a mi cargo, en Escritura Pública número 13917 TRECE MIL NOVECIENTOS DIECISIETE, que contiene la Sucesión Testamentaria a bienes del señor LUCIANO HERNÁNDEZ MENDOZA, compareciendo la señora MARÍA CANDELARIA GÁMEZ SEGOVIA, también conocida como MARÍA CANDELARIA GÁMEZ SEGOVIA DE HERNÁNDEZ, quien acredita ante el suscrito Notario el fallecimiento del autor de la sucesión, su último domicilio y demás declaraciones de ley, así mismo se le declaró a la señora MARÍA CANDELARIA GÁMEZ SEGOVIA, también conocida como MARÍA CANDELARIA GÁMEZ SEGOVIA DE HERNÁNDEZ, como Única y Universal Heredera y Albacea, y se le instruyó para que proceda a elaborar el inventario y avalúo de los bienes que conforman la masa hereditaria. Lo que se publica en esta forma y en dos ocasiones que se harán de (10) diez en (10) diez días en el Periódico El PORVENIR que se edita en esta Ciudad, atento a lo preceptuado por el Artículo 882 del Código de Procedimientos Civiles vigente en el Estado. Monterrey, N.L., a 7 de julio de 2025.

LIC. ANDRÉS ALONSO RODRÍGUEZ
MERCADO
NOTARIO PÚBLICO TITULAR No. 149
ROMA820513224
(18 y 28)
PUBLICACIÓN NOTARIAL

En los términos del artículo 882 (ochocientos ochenta y dos), del Código de Procedimientos Civiles del Estado de Nuevo León, HAGO CONSTAR: La apertura en esta Notaría Pública a mi digno cargo, del Procedimiento Sucesorio Intestamentario a bienes de CLEMENTINO CORPUS MORALES quien también se hacía llamar CLEMENTE CORPUS MORALES y de la señora LUZ ANGÉLICA CAMACHO ORTIZ quien también se hacía llamar LUZ ANGÉLICA CAMACHO DE CORPUS y las declaraciones que ante mí hizo el señor JESÚS ALEJANDRO CORPUS CAMACHO, en su carácter de Único y Universal Heredero Legítimo, en el sentido de que reconoce sus derechos hereditarios y acepta la herencia que corresponda de acuerdo a las disposiciones legales aplicables. Asimismo, el señor JESÚS ALEJANDRO CORPUS CAMACHO, manifiesta que acepta el cargo de Albacea, protesta su fiel y legal desempeño y procederá a formular el inventario de los bienes que forman el acervo de la masa hereditaria. Monterrey, Nuevo León, a 16 de Mayo del 2025.

LICENCIADO JAVIER GARCÍA URRUTIA
NOTARIO PÚBLICO TITULAR NÚMERO 72
(18 y 28)
PUBLICACIÓN NOTARIAL

En los términos del artículo 882 (ochocientos ochenta y dos), del Código de Procedimientos Civiles del Estado de Nuevo León, HAGO CONSTAR: La apertura en esta Notaría Pública a mi digno cargo, del Procedimiento Sucesorio Testamentario a bienes de LEONARDO GONZÁLEZ LARA y de la señora MA. SERAFINA RODRÍGUEZ DÍMAS quien también se hacía llamar SERAFINA RODRÍGUEZ DE GONZÁLEZ y las declaraciones que ante mí hicieron los señores MA. CRISTINA GONZÁLEZ RODRÍGUEZ, MA. BERNARDA GONZÁLEZ RODRÍGUEZ, LEONARDO GONZÁLEZ RODRÍGUEZ, PABLO EVELIO GONZÁLEZ RODRÍGUEZ, JUAN ANTONIO GONZÁLEZ RODRÍGUEZ, JOSÉ GONZÁLEZ RODRÍGUEZ Y GRACIELA GONZÁLEZ RODRÍGUEZ, en su carácter de Únicos y Universales Herederos Legítimos, en el sentido de que reconocen sus derechos hereditarios y aceptan la herencia que corresponda de acuerdo a las disposiciones legales aplicables. Asimismo, la señora MA. CRISTINA GONZÁLEZ RODRÍGUEZ, manifiesta que acepta el cargo de Albacea, protesta su fiel y legal desempeño y procederá a formular el inventario de los bienes que forman el acervo de la masa hereditaria. Monterrey, Nuevo León, a 12 de Junio del 2025.

LICENCIADO JAVIER GARCÍA URRUTIA
NOTARIO PÚBLICO TITULAR NÚMERO 72
(18 y 28)
AVISO NOTARIAL

Con fecha ... de ... de 2023, mediante Acta Fuera de Protocolo número ..., ante la Fe del Suscrito Notario, se inició el PROCEDIMIENTO Sucesorio Testamentario a Bienes de "De Quijo" MERCEDES GONZÁLEZ RÍOS, denunciado por GLORIA SOTO CASTAÑEDA, reconociendo sus derechos hereditarios, y Aceptando la Herencia, y el cargo de Albacea conferido, manifestando que procederá a la formulación del Inventario y Proyecto de Partición de los bienes de la herencia. Monterrey, Nuevo León a ... de ... de 2023.

LIC. FRANCISCO GONZÁLEZ TREVIÑO
NOTARIO PÚBLICO NÚMERO 68
(8 y 18)
